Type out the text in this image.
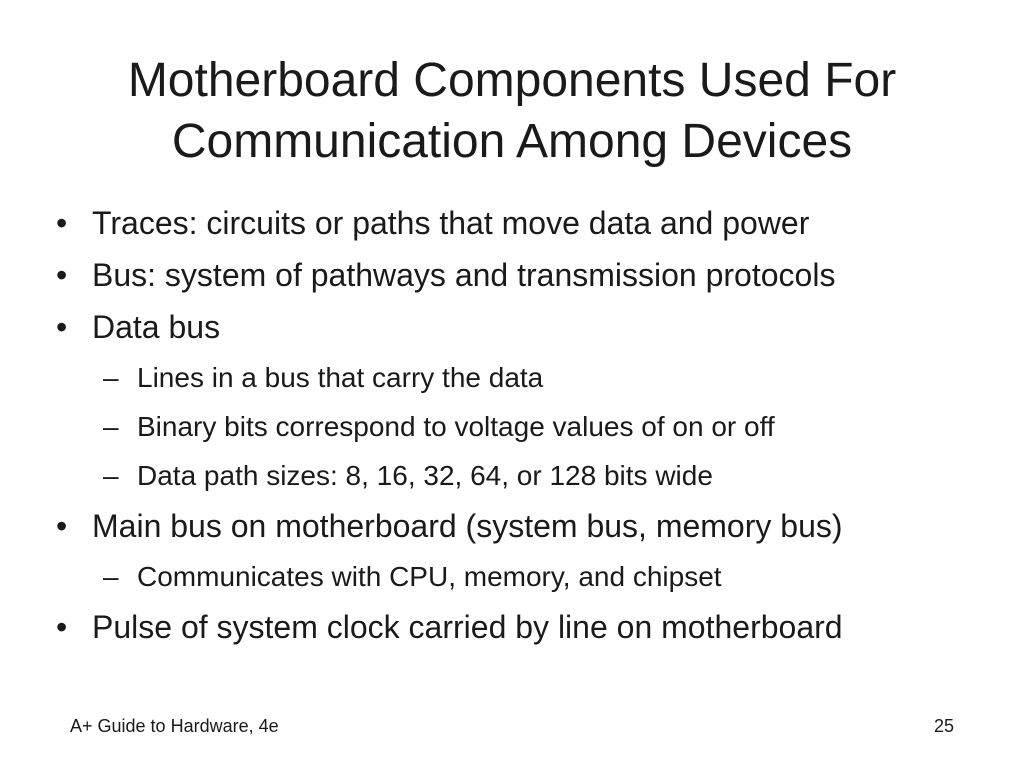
Motherboard Components Used For
Communication Among Devices
• Traces: circuits or paths that move data and power
• Bus: system of pathways and transmission protocols
• Data bus
– Lines in a bus that carry the data
– Binary bits correspond to voltage values of on or off
– Data path sizes: 8, 16, 32, 64, or 128 bits wide
• Main bus on motherboard (system bus, memory bus)
– Communicates with CPU, memory, and chipset
• Pulse of system clock carried by line on motherboard
A+ Guide to Hardware, 4e	25
